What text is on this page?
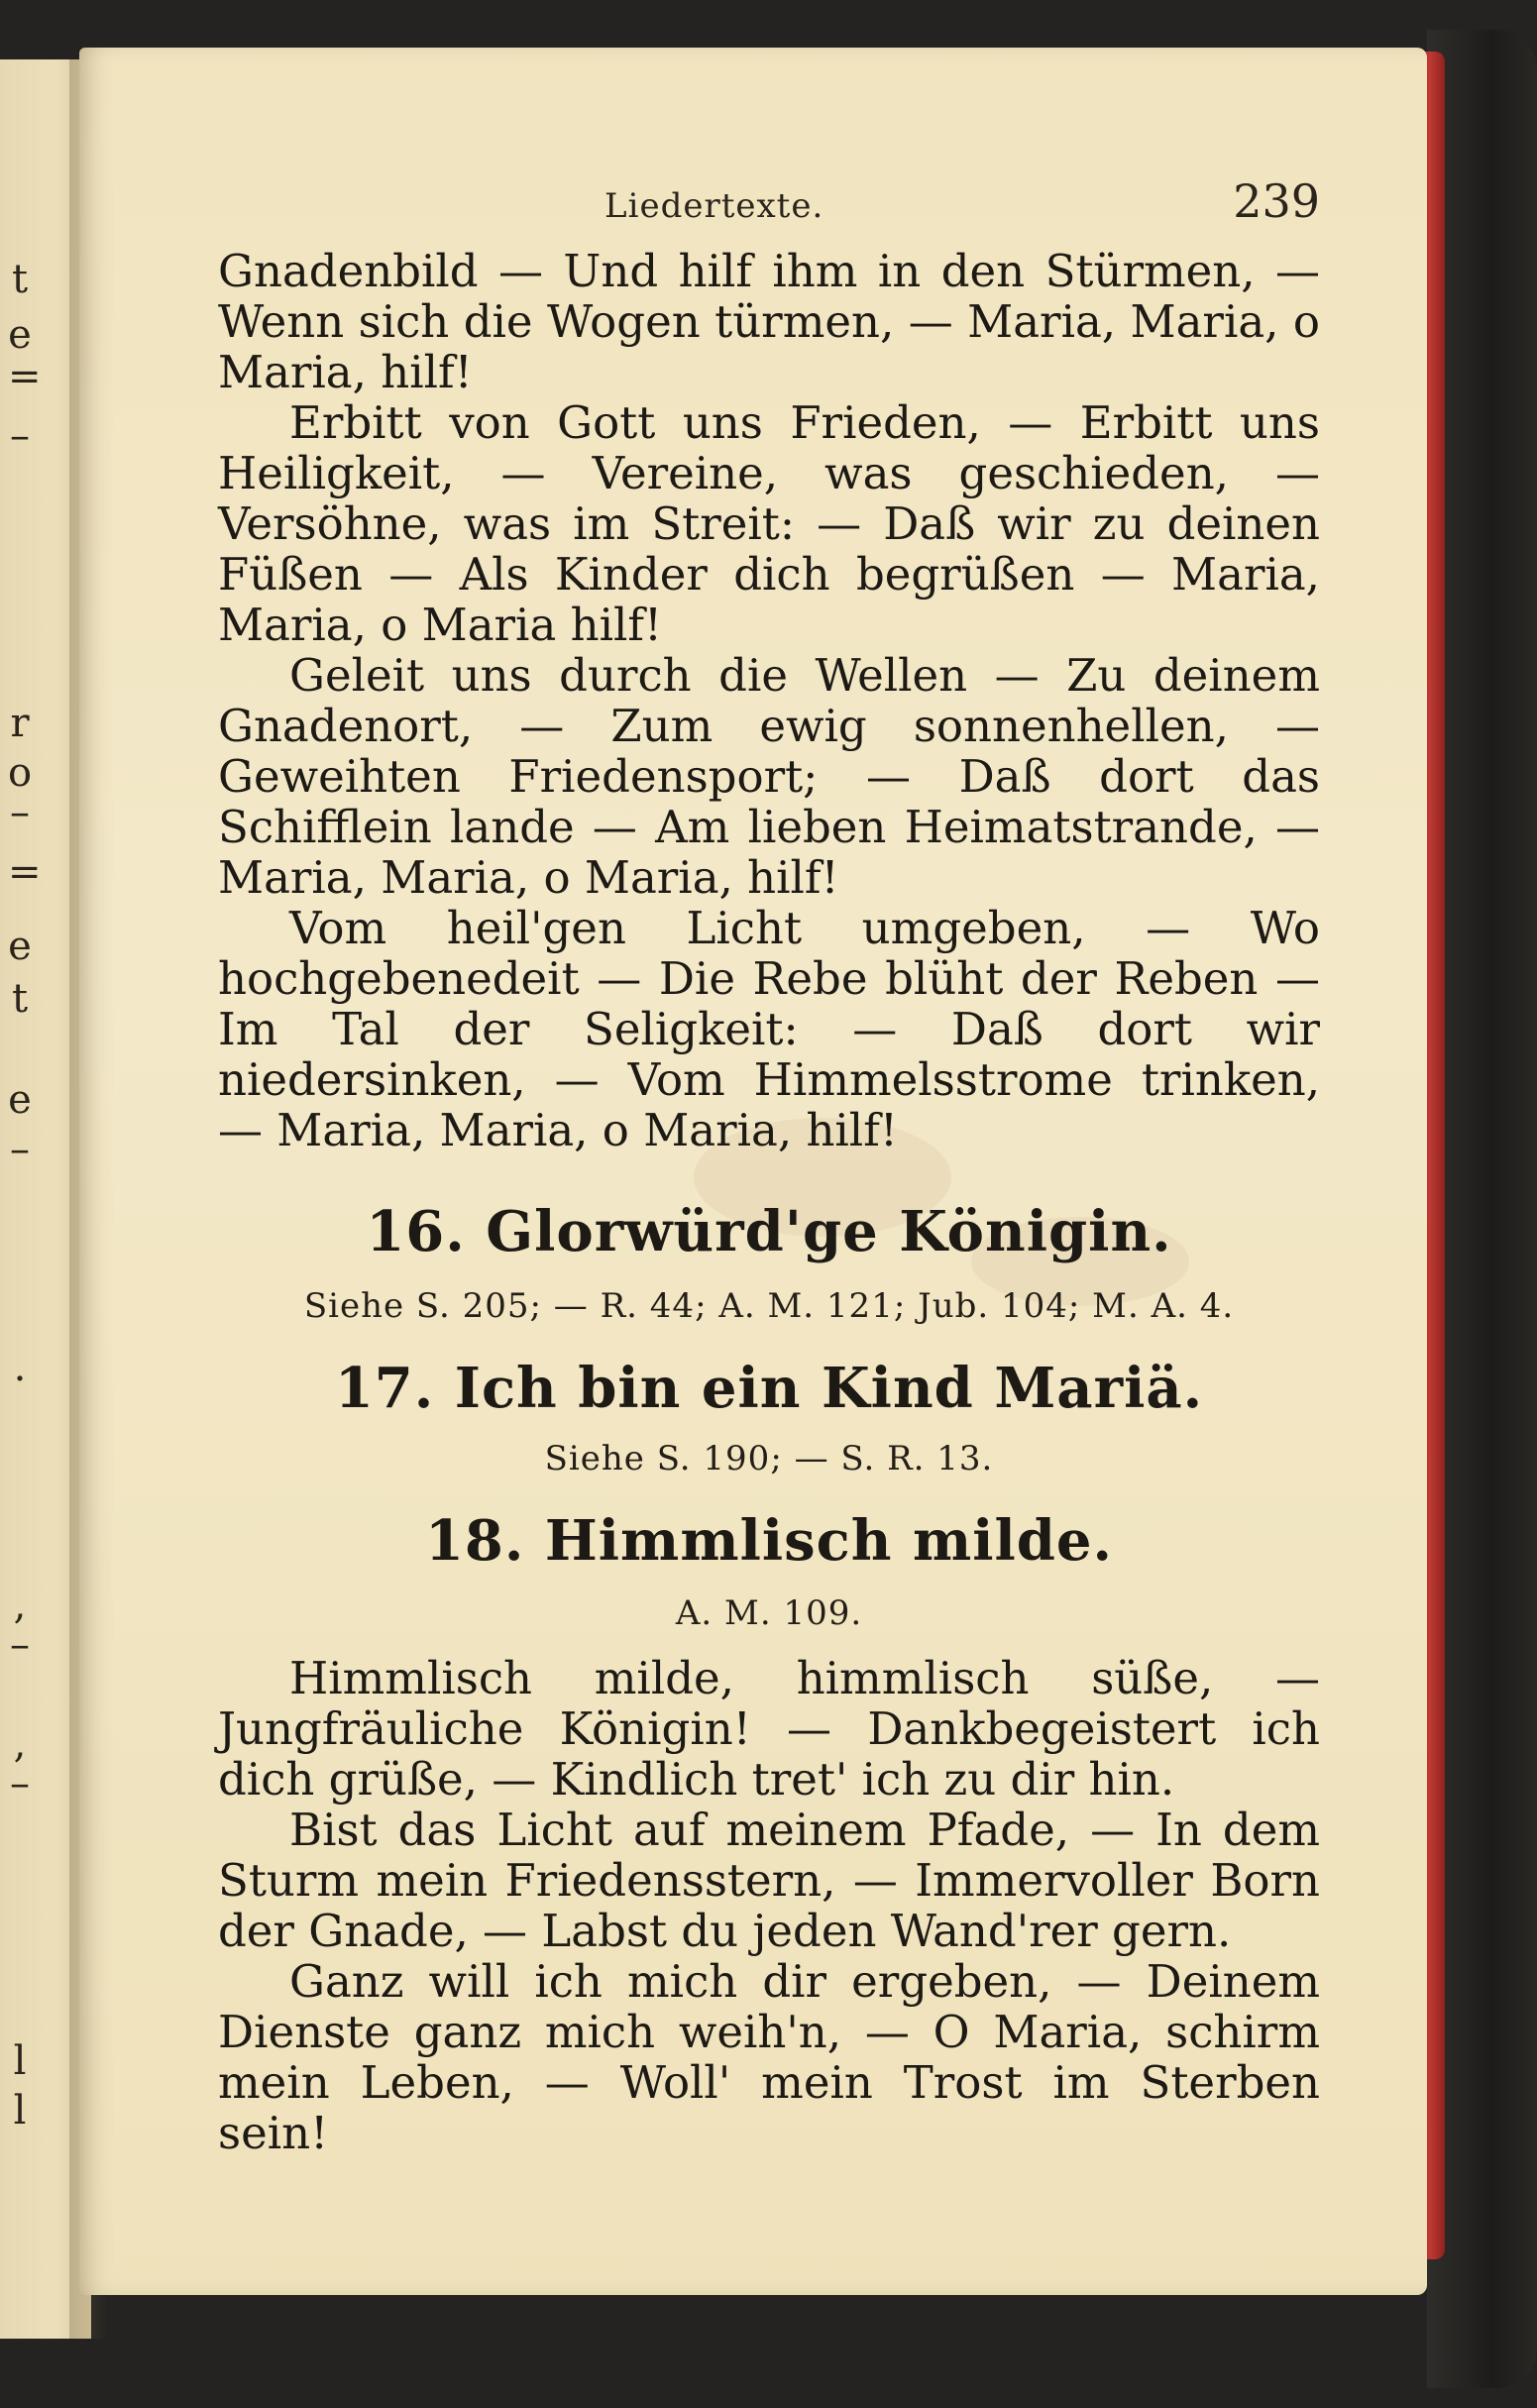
t
e
=
–
r
o
–
=
e
t
e
–
.
,
–
,
–
l
l
Liedertexte.	239

Gnadenbild — Und hilf ihm in den Stürmen, — Wenn sich die Wogen türmen, — Maria, Maria, o Maria, hilf!

Erbitt von Gott uns Frieden, — Erbitt uns Heiligkeit, — Vereine, was geschieden, — Versöhne, was im Streit: — Daß wir zu deinen Füßen — Als Kinder dich begrüßen — Maria, Maria, o Maria hilf!

Geleit uns durch die Wellen — Zu deinem Gnadenort, — Zum ewig sonnenhellen, — Geweihten Friedensport; — Daß dort das Schifflein lande — Am lieben Heimatstrande, — Maria, Maria, o Maria, hilf!

Vom heil'gen Licht umgeben, — Wo hochgebenedeit — Die Rebe blüht der Reben — Im Tal der Seligkeit: — Daß dort wir niedersinken, — Vom Himmelsstrome trinken, — Maria, Maria, o Maria, hilf!

16. Glorwürd'ge Königin.

Siehe S. 205; — R. 44; A. M. 121; Jub. 104; M. A. 4.

17. Ich bin ein Kind Mariä.

Siehe S. 190; — S. R. 13.

18. Himmlisch milde.

A. M. 109.

Himmlisch milde, himmlisch süße, — Jungfräuliche Königin! — Dankbegeistert ich dich grüße, — Kindlich tret' ich zu dir hin.

Bist das Licht auf meinem Pfade, — In dem Sturm mein Friedensstern, — Immervoller Born der Gnade, — Labst du jeden Wand'rer gern.

Ganz will ich mich dir ergeben, — Deinem Dienste ganz mich weih'n, — O Maria, schirm mein Leben, — Woll' mein Trost im Sterben sein!
